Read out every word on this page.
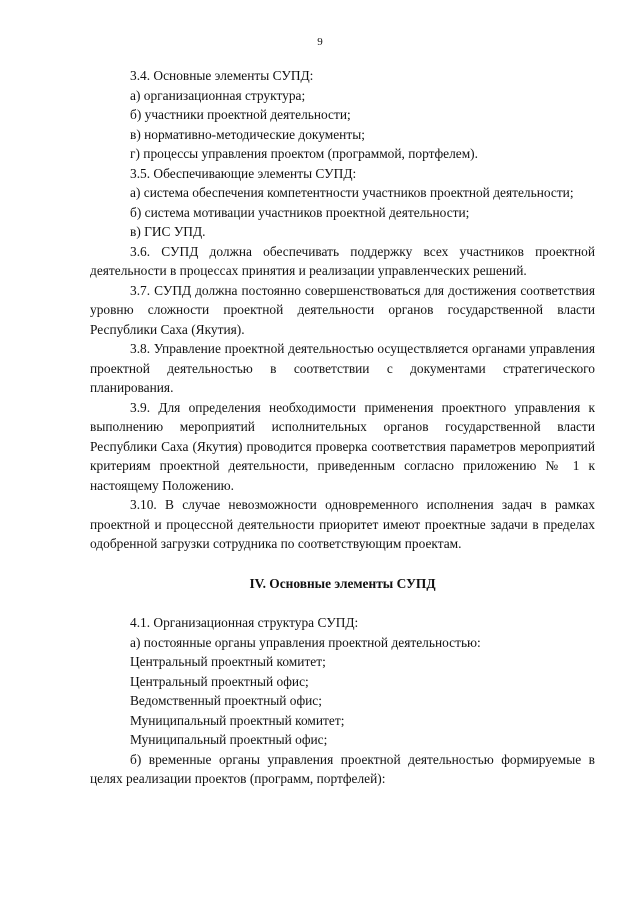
9

3.4. Основные элементы СУПД:

а) организационная структура;

б) участники проектной деятельности;

в) нормативно-методические документы;

г) процессы управления проектом (программой, портфелем).

3.5. Обеспечивающие элементы СУПД:

а) система обеспечения компетентности участников проектной деятельности;

б) система мотивации участников проектной деятельности;

в) ГИС УПД.

3.6. СУПД должна обеспечивать поддержку всех участников проектной деятельности в процессах принятия и реализации управленческих решений.

3.7. СУПД должна постоянно совершенствоваться для достижения соответствия уровню сложности проектной деятельности органов государственной власти Республики Саха (Якутия).

3.8. Управление проектной деятельностью осуществляется органами управления проектной деятельностью в соответствии с документами стратегического планирования.

3.9. Для определения необходимости применения проектного управления к выполнению мероприятий исполнительных органов государственной власти Республики Саха (Якутия) проводится проверка соответствия параметров мероприятий критериям проектной деятельности, приведенным согласно приложению № 1 к настоящему Положению.

3.10. В случае невозможности одновременного исполнения задач в рамках проектной и процессной деятельности приоритет имеют проектные задачи в пределах одобренной загрузки сотрудника по соответствующим проектам.

IV. Основные элементы СУПД

4.1. Организационная структура СУПД:

а) постоянные органы управления проектной деятельностью:

Центральный проектный комитет;

Центральный проектный офис;

Ведомственный проектный офис;

Муниципальный проектный комитет;

Муниципальный проектный офис;

б) временные органы управления проектной деятельностью формируемые в целях реализации проектов (программ, портфелей):
